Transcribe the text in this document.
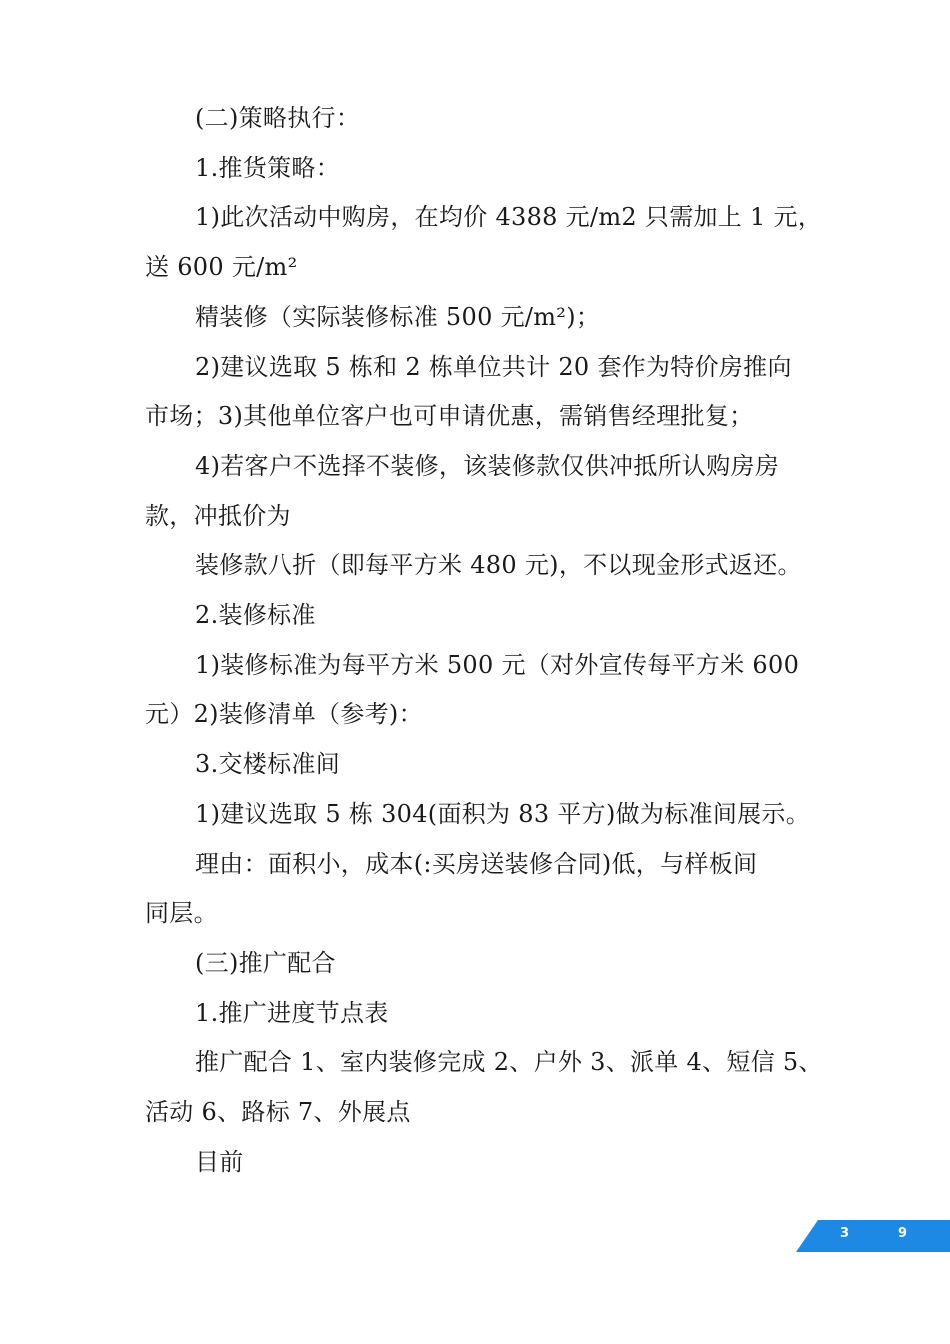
(二)策略执行：
1.推货策略：
1)此次活动中购房，在均价 4388 元/m2 只需加上 1 元，
送 600 元/m²
精装修（实际装修标准 500 元/m²)；
2)建议选取 5 栋和 2 栋单位共计 20 套作为特价房推向
市场；3)其他单位客户也可申请优惠，需销售经理批复；
4)若客户不选择不装修，该装修款仅供冲抵所认购房房
款，冲抵价为
装修款八折（即每平方米 480 元)，不以现金形式返还。
2.装修标准
1)装修标准为每平方米 500 元（对外宣传每平方米 600
元）2)装修清单（参考)：
3.交楼标准间
1)建议选取 5 栋 304(面积为 83 平方)做为标准间展示。
理由：面积小，成本(:买房送装修合同)低，与样板间
同层。
(三)推广配合
1.推广进度节点表
推广配合 1、室内装修完成 2、户外 3、派单 4、短信 5、
活动 6、路标 7、外展点
目前
3	9
